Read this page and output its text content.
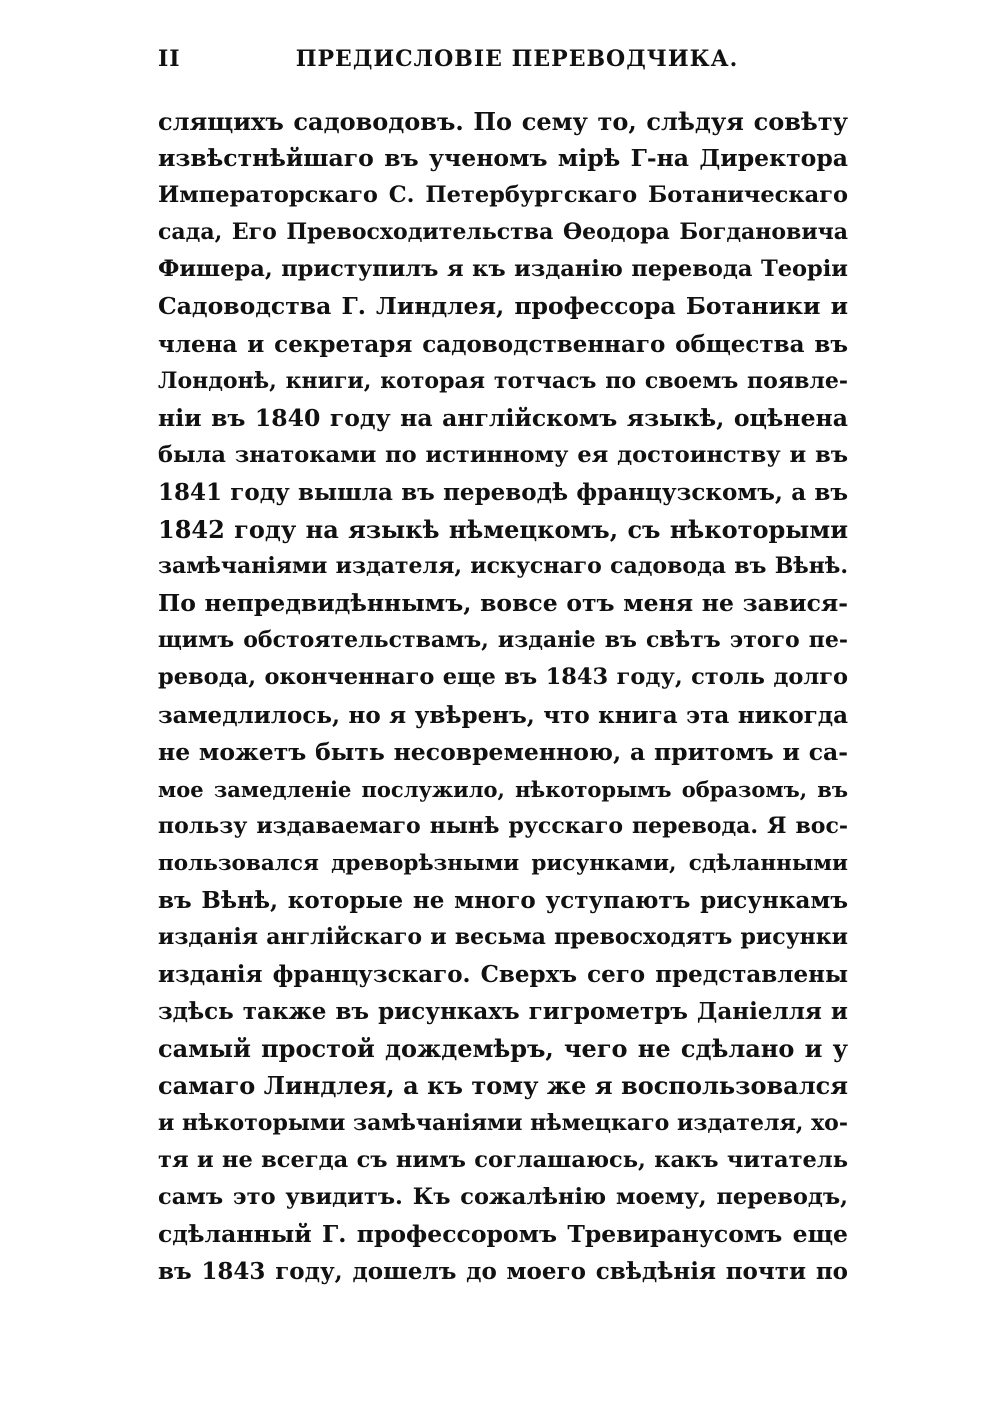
II	ПРЕДИСЛОВІЕ ПЕРЕВОДЧИКА.
слящихъ садоводовъ. По сему то, слѣдуя совѣту
извѣстнѣйшаго въ ученомъ мірѣ Г-на Директора
Императорскаго С. Петербургскаго Ботаническаго
сада, Его Превосходительства Ѳеодора Богдановича
Фишера, приступилъ я къ изданію перевода Теоріи
Садоводства Г. Линдлея, профессора Ботаники и
члена и секретаря садоводственнаго общества въ
Лондонѣ, книги, которая тотчасъ по своемъ появле-
ніи въ 1840 году на англійскомъ языкѣ, оцѣнена
была знатоками по истинному ея достоинству и въ
1841 году вышла въ переводѣ французскомъ, а въ
1842 году на языкѣ нѣмецкомъ, съ нѣкоторыми
замѣчаніями издателя, искуснаго садовода въ Вѣнѣ.
По непредвидѣннымъ, вовсе отъ меня не завися-
щимъ обстоятельствамъ, изданіе въ свѣтъ этого пе-
ревода, оконченнаго еще въ 1843 году, столь долго
замедлилось, но я увѣренъ, что книга эта никогда
не можетъ быть несовременною, а притомъ и са-
мое замедленіе послужило, нѣкоторымъ образомъ, въ
пользу издаваемаго нынѣ русскаго перевода. Я вос-
пользовался древорѣзными рисунками, сдѣланными
въ Вѣнѣ, которые не много уступаютъ рисункамъ
изданія англійскаго и весьма превосходятъ рисунки
изданія французскаго. Сверхъ сего представлены
здѣсь также въ рисункахъ гигрометръ Даніелля и
самый простой дождемѣръ, чего не сдѣлано и у
самаго Линдлея, а къ тому же я воспользовался
и нѣкоторыми замѣчаніями нѣмецкаго издателя, хо-
тя и не всегда съ нимъ соглашаюсь, какъ читатель
самъ это увидитъ. Къ сожалѣнію моему, переводъ,
сдѣланный Г. профессоромъ Тревиранусомъ еще
въ 1843 году, дошелъ до моего свѣдѣнія почти по
